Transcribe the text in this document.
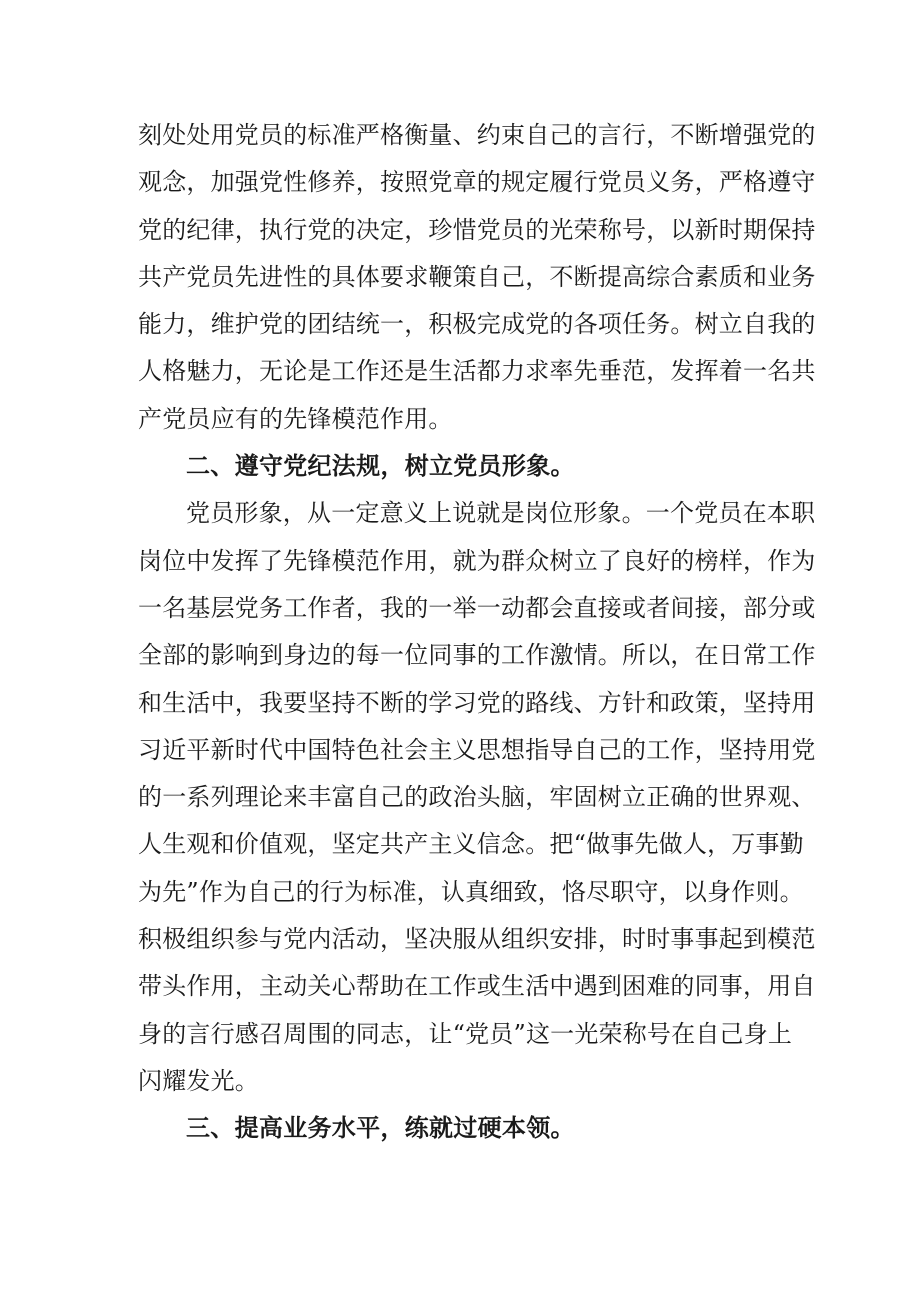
刻处处用党员的标准严格衡量、约束自己的言行，不断增强党的
观念，加强党性修养，按照党章的规定履行党员义务，严格遵守
党的纪律，执行党的决定，珍惜党员的光荣称号，以新时期保持
共产党员先进性的具体要求鞭策自己，不断提高综合素质和业务
能力，维护党的团结统一，积极完成党的各项任务。树立自我的
人格魅力，无论是工作还是生活都力求率先垂范，发挥着一名共
产党员应有的先锋模范作用。
二、遵守党纪法规，树立党员形象。
党员形象，从一定意义上说就是岗位形象。一个党员在本职
岗位中发挥了先锋模范作用，就为群众树立了良好的榜样，作为
一名基层党务工作者，我的一举一动都会直接或者间接，部分或
全部的影响到身边的每一位同事的工作激情。所以，在日常工作
和生活中，我要坚持不断的学习党的路线、方针和政策，坚持用
习近平新时代中国特色社会主义思想指导自己的工作，坚持用党
的一系列理论来丰富自己的政治头脑，牢固树立正确的世界观、
人生观和价值观，坚定共产主义信念。把“做事先做人，万事勤
为先”作为自己的行为标准，认真细致，恪尽职守，以身作则。
积极组织参与党内活动，坚决服从组织安排，时时事事起到模范
带头作用，主动关心帮助在工作或生活中遇到困难的同事，用自
身的言行感召周围的同志，让“党员”这一光荣称号在自己身上
闪耀发光。
三、提高业务水平，练就过硬本领。
